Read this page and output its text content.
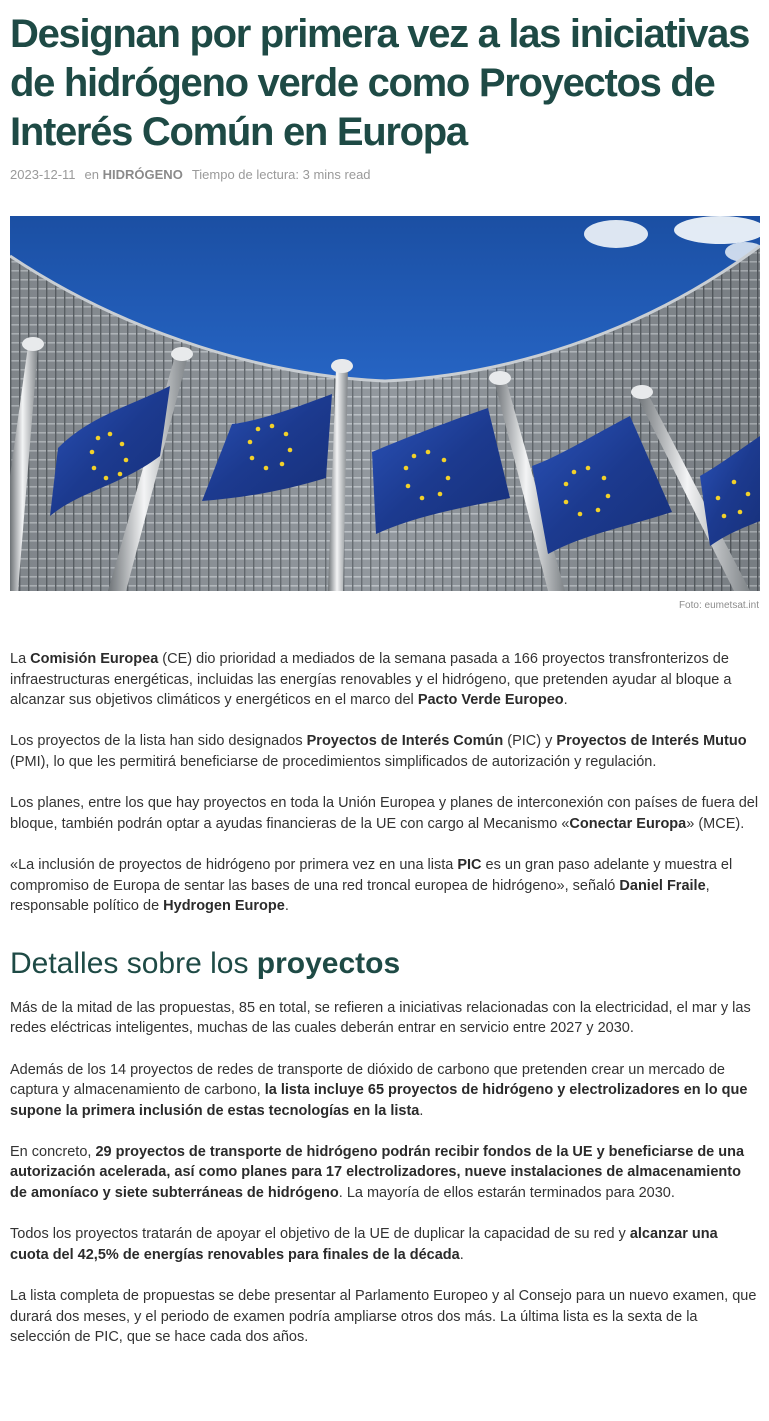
Designan por primera vez a las iniciativas de hidrógeno verde como Proyectos de Interés Común en Europa
2023-12-11 en HIDRÓGENO Tiempo de lectura: 3 mins read
Foto: eumetsat.int

La Comisión Europea (CE) dio prioridad a mediados de la semana pasada a 166 proyectos transfronterizos de infraestructuras energéticas, incluidas las energías renovables y el hidrógeno, que pretenden ayudar al bloque a alcanzar sus objetivos climáticos y energéticos en el marco del Pacto Verde Europeo.

Los proyectos de la lista han sido designados Proyectos de Interés Común (PIC) y Proyectos de Interés Mutuo (PMI), lo que les permitirá beneficiarse de procedimientos simplificados de autorización y regulación.

Los planes, entre los que hay proyectos en toda la Unión Europea y planes de interconexión con países de fuera del bloque, también podrán optar a ayudas financieras de la UE con cargo al Mecanismo «Conectar Europa» (MCE).

«La inclusión de proyectos de hidrógeno por primera vez en una lista PIC es un gran paso adelante y muestra el compromiso de Europa de sentar las bases de una red troncal europea de hidrógeno», señaló Daniel Fraile, responsable político de Hydrogen Europe.

Detalles sobre los proyectos

Más de la mitad de las propuestas, 85 en total, se refieren a iniciativas relacionadas con la electricidad, el mar y las redes eléctricas inteligentes, muchas de las cuales deberán entrar en servicio entre 2027 y 2030.

Además de los 14 proyectos de redes de transporte de dióxido de carbono que pretenden crear un mercado de captura y almacenamiento de carbono, la lista incluye 65 proyectos de hidrógeno y electrolizadores en lo que supone la primera inclusión de estas tecnologías en la lista.

En concreto, 29 proyectos de transporte de hidrógeno podrán recibir fondos de la UE y beneficiarse de una autorización acelerada, así como planes para 17 electrolizadores, nueve instalaciones de almacenamiento de amoníaco y siete subterráneas de hidrógeno. La mayoría de ellos estarán terminados para 2030.

Todos los proyectos tratarán de apoyar el objetivo de la UE de duplicar la capacidad de su red y alcanzar una cuota del 42,5% de energías renovables para finales de la década.

La lista completa de propuestas se debe presentar al Parlamento Europeo y al Consejo para un nuevo examen, que durará dos meses, y el periodo de examen podría ampliarse otros dos más. La última lista es la sexta de la selección de PIC, que se hace cada dos años.
